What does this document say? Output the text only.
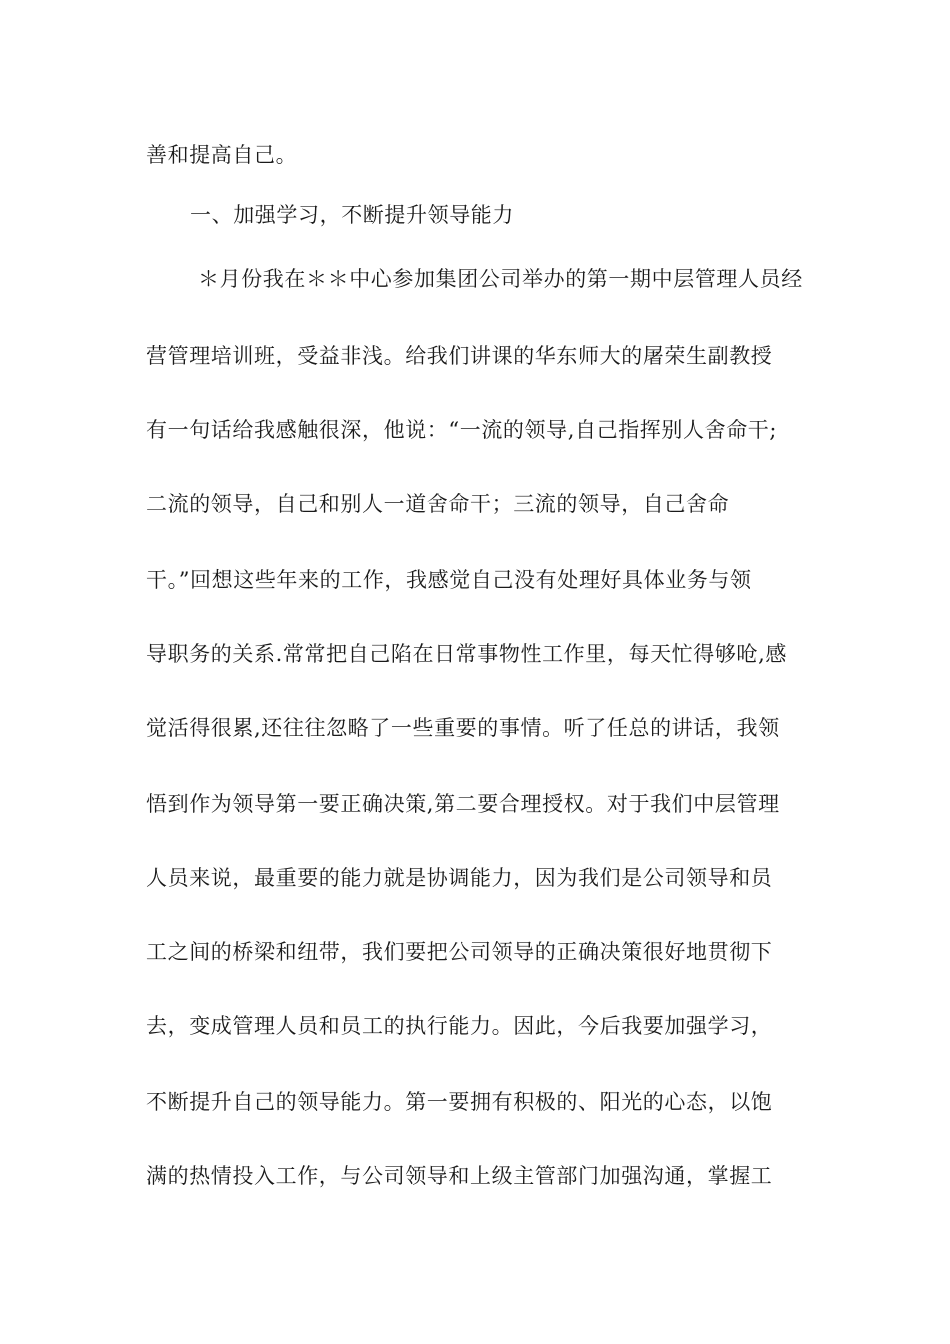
善和提高自己。
一、加强学习，不断提升领导能力
＊月份我在＊＊中心参加集团公司举办的第一期中层管理人员经
营管理培训班，受益非浅。给我们讲课的华东师大的屠荣生副教授
有一句话给我感触很深，他说：“一流的领导,自己指挥别人舍命干;
二流的领导，自己和别人一道舍命干；三流的领导，自己舍命
干。”回想这些年来的工作，我感觉自己没有处理好具体业务与领
导职务的关系.常常把自己陷在日常事物性工作里，每天忙得够呛,感
觉活得很累,还往往忽略了一些重要的事情。听了任总的讲话，我领
悟到作为领导第一要正确决策,第二要合理授权。对于我们中层管理
人员来说，最重要的能力就是协调能力，因为我们是公司领导和员
工之间的桥梁和纽带，我们要把公司领导的正确决策很好地贯彻下
去，变成管理人员和员工的执行能力。因此，今后我要加强学习，
不断提升自己的领导能力。第一要拥有积极的、阳光的心态，以饱
满的热情投入工作，与公司领导和上级主管部门加强沟通，掌握工
